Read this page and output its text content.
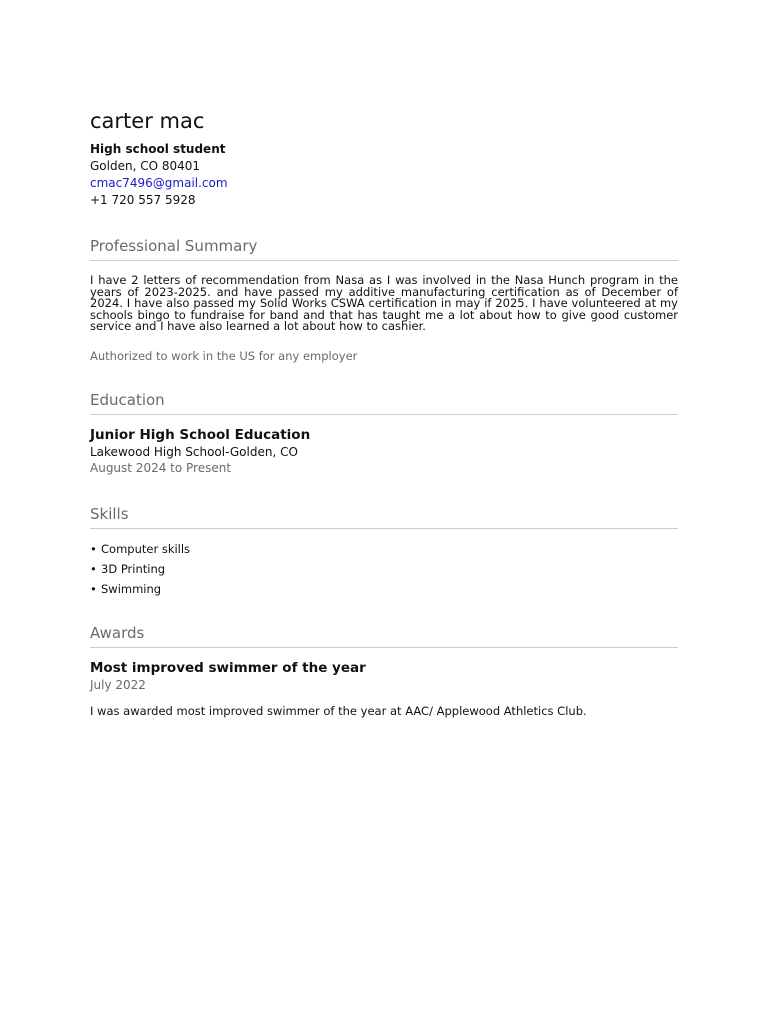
carter mac

High school student

Golden, CO 80401

cmac7496@gmail.com

+1 720 557 5928

Professional Summary

I have 2 letters of recommendation from Nasa as I was involved in the Nasa Hunch program in the years of 2023-2025. and have passed my additive manufacturing certification as of December of 2024. I have also passed my Solid Works CSWA certification in may if 2025. I have volunteered at my schools bingo to fundraise for band and that has taught me a lot about how to give good customer service and I have also learned a lot about how to cashier.

Authorized to work in the US for any employer

Education

Junior High School Education

Lakewood High School-Golden, CO

August 2024 to Present

Skills
• Computer skills
• 3D Printing
• Swimming
Awards

Most improved swimmer of the year

July 2022

I was awarded most improved swimmer of the year at AAC/ Applewood Athletics Club.
